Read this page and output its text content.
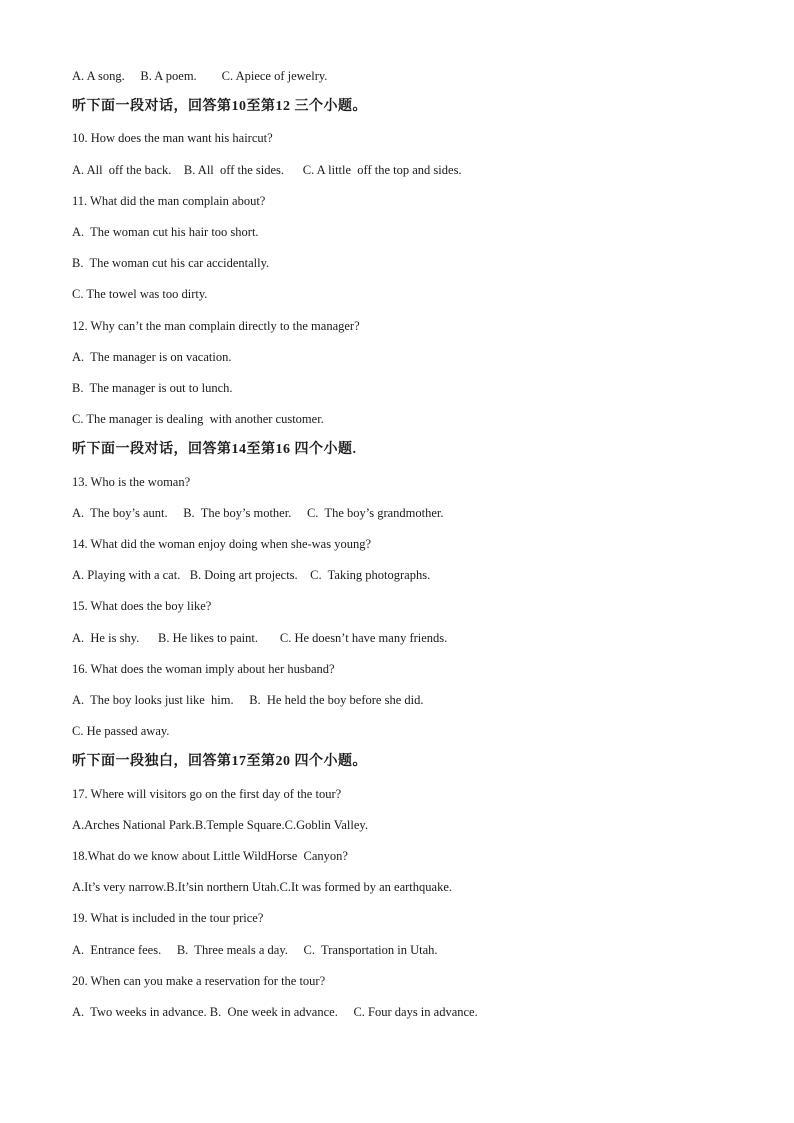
A. A song.     B. A poem.        C. Apiece of jewelry.
听下面一段对话，回答第10至第12 三个小题。
10. How does the man want his haircut?
A. All  off the back.    B. All  off the sides.      C. A little  off the top and sides.
11. What did the man complain about?
A.  The woman cut his hair too short.
B.  The woman cut his car accidentally.
C. The towel was too dirty.
12. Why can’t the man complain directly to the manager?
A.  The manager is on vacation.
B.  The manager is out to lunch.
C. The manager is dealing  with another customer.
听下面一段对话，回答第14至第16 四个小题.
13. Who is the woman?
A.  The boy’s aunt.     B.  The boy’s mother.     C.  The boy’s grandmother.
14. What did the woman enjoy doing when she-was young?
A. Playing with a cat.   B. Doing art projects.    C.  Taking photographs.
15. What does the boy like?
A.  He is shy.      B. He likes to paint.       C. He doesn’t have many friends.
16. What does the woman imply about her husband?
A.  The boy looks just like  him.     B.  He held the boy before she did.
C. He passed away.
听下面一段独白，回答第17至第20 四个小题。
17. Where will visitors go on the first day of the tour?
A.Arches National Park.B.Temple Square.C.Goblin Valley.
18.What do we know about Little WildHorse  Canyon?
A.It’s very narrow.B.It’sin northern Utah.C.It was formed by an earthquake.
19. What is included in the tour price?
A.  Entrance fees.     B.  Three meals a day.     C.  Transportation in Utah.
20. When can you make a reservation for the tour?
A.  Two weeks in advance. B.  One week in advance.     C. Four days in advance.
